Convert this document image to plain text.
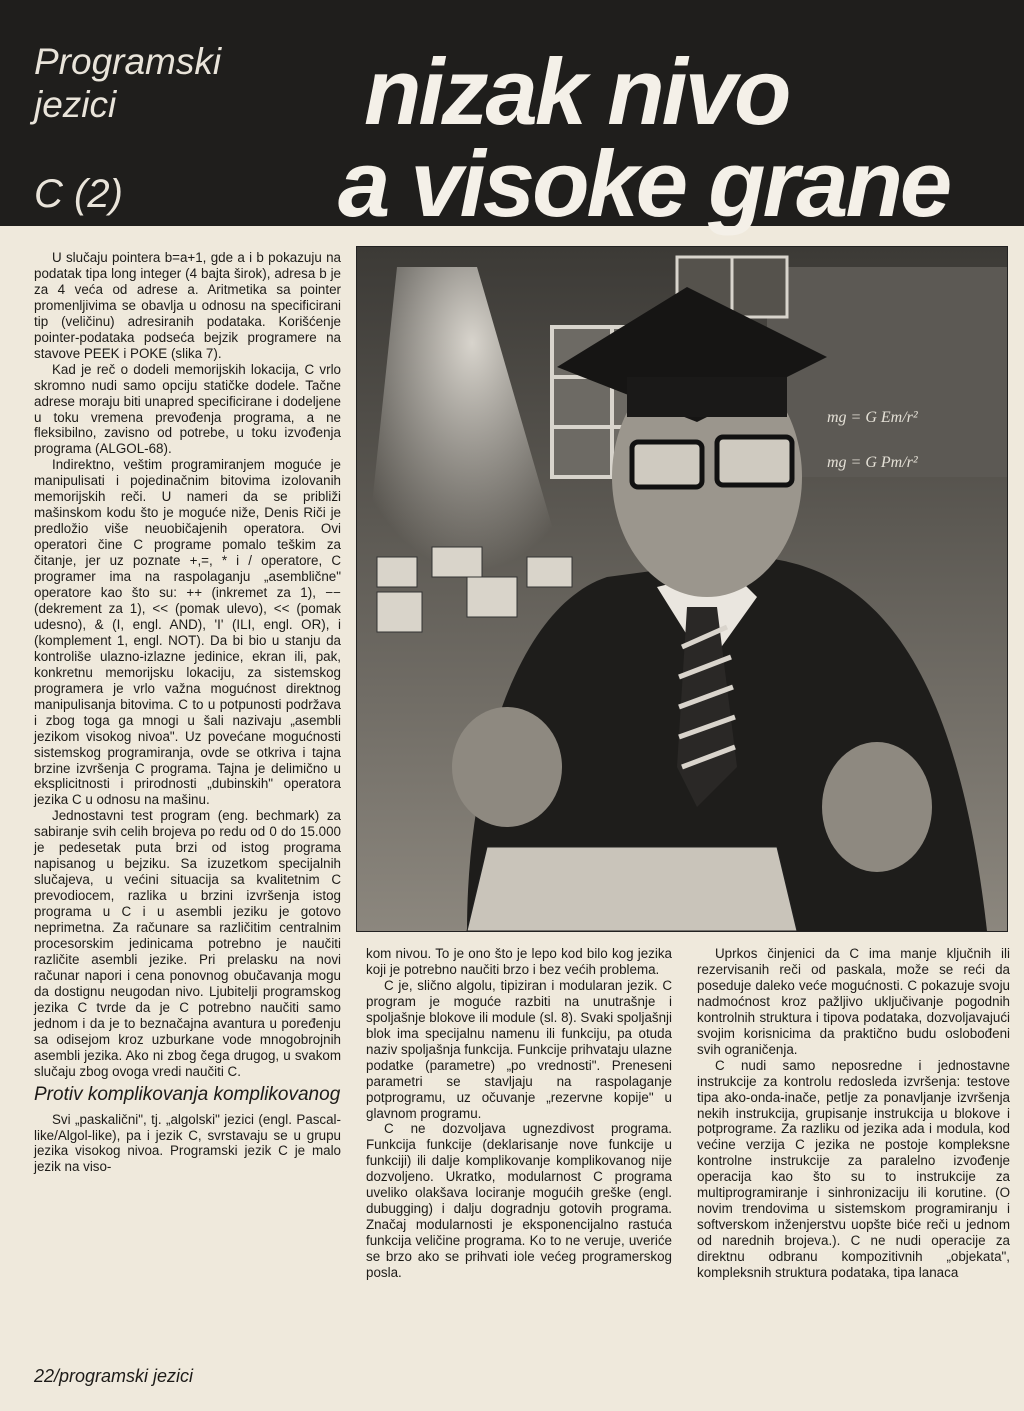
Programski
jezici
C (2)
nizak nivo
a visoke grane
mg = G Em/r²
mg = G Pm/r²

U slučaju pointera b=a+1, gde a i b pokazuju na podatak tipa long integer (4 bajta širok), adresa b je za 4 veća od adrese a. Aritmetika sa pointer promenljivima se obavlja u odnosu na specificirani tip (veličinu) adresiranih podataka. Korišćenje pointer-podataka podseća bejzik programere na stavove PEEK i POKE (slika 7).

Kad je reč o dodeli memorijskih lokacija, C vrlo skromno nudi samo opciju statičke dodele. Tačne adrese moraju biti unapred specificirane i dodeljene u toku vremena prevođenja programa, a ne fleksibilno, zavisno od potrebe, u toku izvođenja programa (ALGOL-68).

Indirektno, veštim programiranjem moguće je manipulisati i pojedinačnim bitovima izolovanih memorijskih reči. U nameri da se približi mašinskom kodu što je moguće niže, Denis Riči je predložio više neuobičajenih operatora. Ovi operatori čine C programe pomalo teškim za čitanje, jer uz poznate +,=, * i / operatore, C programer ima na raspolaganju „asemblične" operatore kao što su: ++ (inkremet za 1), −− (dekrement za 1), << (pomak ulevo), << (pomak udesno), & (I, engl. AND), 'I' (ILI, engl. OR), i (komplement 1, engl. NOT). Da bi bio u stanju da kontroliše ulazno-izlazne jedinice, ekran ili, pak, konkretnu memorijsku lokaciju, za sistemskog programera je vrlo važna mogućnost direktnog manipulisanja bitovima. C to u potpunosti podržava i zbog toga ga mnogi u šali nazivaju „asembli jezikom visokog nivoa". Uz povećane mogućnosti sistemskog programiranja, ovde se otkriva i tajna brzine izvršenja C programa. Tajna je delimično u eksplicitnosti i prirodnosti „dubinskih" operatora jezika C u odnosu na mašinu.

Jednostavni test program (eng. bechmark) za sabiranje svih celih brojeva po redu od 0 do 15.000 je pedesetak puta brzi od istog programa napisanog u bejziku. Sa izuzetkom specijalnih slučajeva, u većini situacija sa kvalitetnim C prevodiocem, razlika u brzini izvršenja istog programa u C i u asembli jeziku je gotovo neprimetna. Za računare sa različitim centralnim procesorskim jedinicama potrebno je naučiti različite asembli jezike. Pri prelasku na novi računar napori i cena ponovnog obučavanja mogu da dostignu neugodan nivo. Ljubitelji programskog jezika C tvrde da je C potrebno naučiti samo jednom i da je to beznačajna avantura u poređenju sa odisejom kroz uzburkane vode mnogobrojnih asembli jezika. Ako ni zbog čega drugog, u svakom slučaju zbog ovoga vredi naučiti C.

Protiv komplikovanja komplikovanog

Svi „paskalični", tj. „algolski" jezici (engl. Pascal-like/Algol-like), pa i jezik C, svrstavaju se u grupu jezika visokog nivoa. Programski jezik C je malo jezik na viso-

kom nivou. To je ono što je lepo kod bilo kog jezika koji je potrebno naučiti brzo i bez većih problema.

C je, slično algolu, tipiziran i modularan jezik. C program je moguće razbiti na unutrašnje i spoljašnje blokove ili module (sl. 8). Svaki spoljašnji blok ima specijalnu namenu ili funkciju, pa otuda naziv spoljašnja funkcija. Funkcije prihvataju ulazne podatke (parametre) „po vrednosti". Preneseni parametri se stavljaju na raspolaganje potprogramu, uz očuvanje „rezervne kopije" u glavnom programu.

C ne dozvoljava ugnezdivost programa. Funkcija funkcije (deklarisanje nove funkcije u funkciji) ili dalje komplikovanje komplikovanog nije dozvoljeno. Ukratko, modularnost C programa uveliko olakšava lociranje mogućih greške (engl. dubugging) i dalju dogradnju gotovih programa. Značaj modularnosti je eksponencijalno rastuća funkcija veličine programa. Ko to ne veruje, uveriće se brzo ako se prihvati iole većeg programerskog posla.

Uprkos činjenici da C ima manje ključnih ili rezervisanih reči od paskala, može se reći da poseduje daleko veće mogućnosti. C pokazuje svoju nadmoćnost kroz pažljivo uključivanje pogodnih kontrolnih struktura i tipova podataka, dozvoljavajući svojim korisnicima da praktično budu oslobođeni svih ograničenja.

C nudi samo neposredne i jednostavne instrukcije za kontrolu redosleda izvršenja: testove tipa ako-onda-inače, petlje za ponavljanje izvršenja nekih instrukcija, grupisanje instrukcija u blokove i potprograme. Za razliku od jezika ada i modula, kod većine verzija C jezika ne postoje kompleksne kontrolne instrukcije za paralelno izvođenje operacija kao što su to instrukcije za multiprogramiranje i sinhronizaciju ili korutine. (O novim trendovima u sistemskom programiranju i softverskom inženjerstvu uopšte biće reči u jednom od narednih brojeva.). C ne nudi operacije za direktnu odbranu kompozitivnih „objekata", kompleksnih struktura podataka, tipa lanaca

22/programski jezici
